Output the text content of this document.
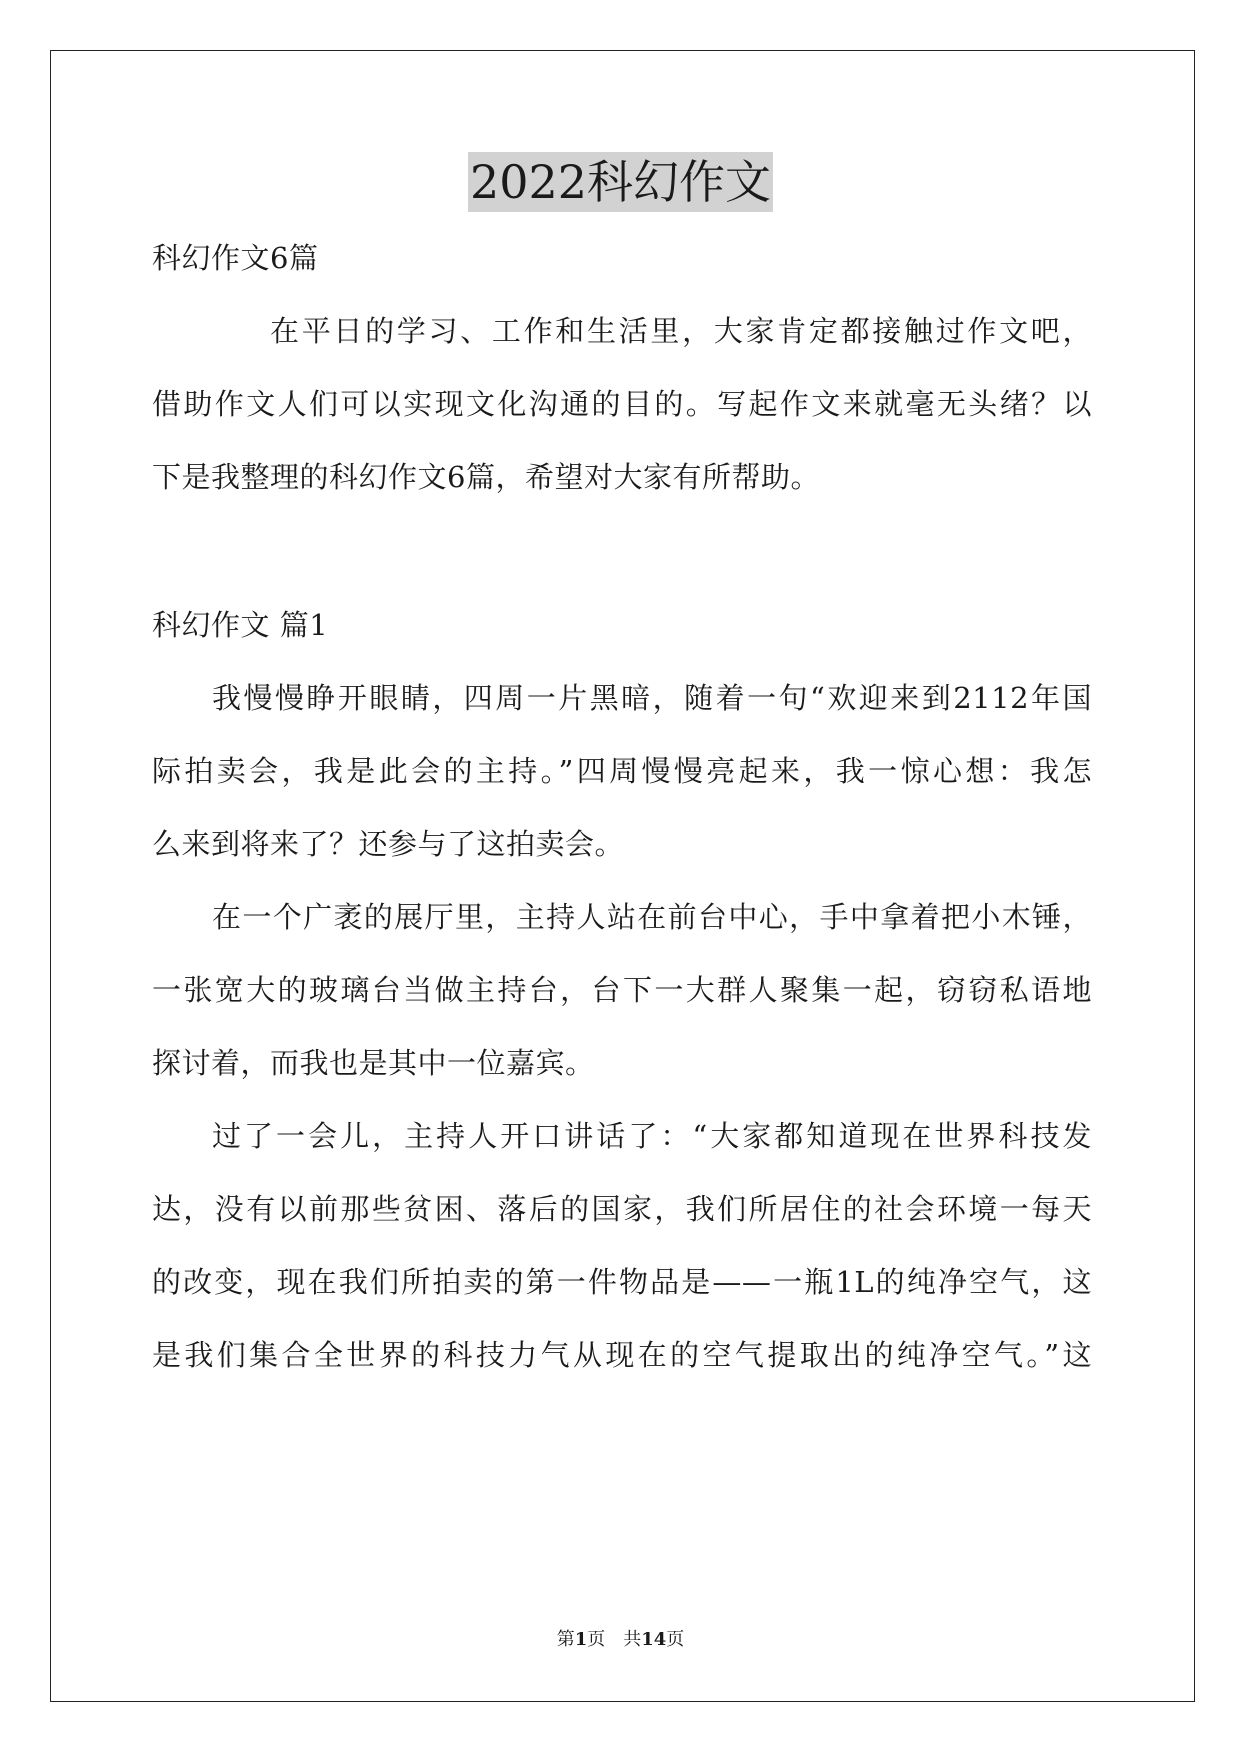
2022科幻作文
科幻作文6篇
在平日的学习、工作和生活里，大家肯定都接触过作文吧，
借助作文人们可以实现文化沟通的目的。写起作文来就毫无头绪？以
下是我整理的科幻作文6篇，希望对大家有所帮助。
科幻作文 篇1
我慢慢睁开眼睛，四周一片黑暗，随着一句“欢迎来到2112年国
际拍卖会，我是此会的主持。”四周慢慢亮起来，我一惊心想：我怎
么来到将来了？还参与了这拍卖会。
在一个广袤的展厅里，主持人站在前台中心，手中拿着把小木锤，
一张宽大的玻璃台当做主持台，台下一大群人聚集一起，窃窃私语地
探讨着，而我也是其中一位嘉宾。
过了一会儿，主持人开口讲话了：“大家都知道现在世界科技发
达，没有以前那些贫困、落后的国家，我们所居住的社会环境一每天
的改变，现在我们所拍卖的第一件物品是——一瓶1L的纯净空气，这
是我们集合全世界的科技力气从现在的空气提取出的纯净空气。”这
第1页　共14页
